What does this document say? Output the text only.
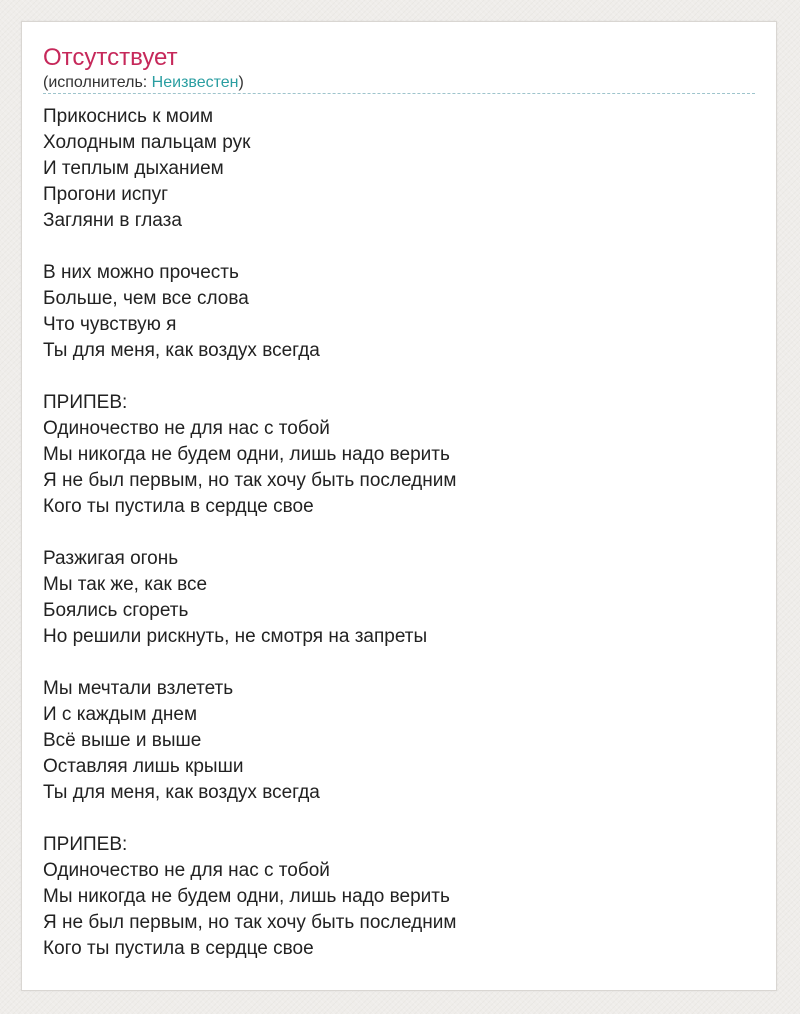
Отсутствует
(исполнитель: Неизвестен)
Прикоснись к моим
Холодным пальцам рук
И теплым дыханием
Прогони испуг
Загляни в глаза
В них можно прочесть
Больше, чем все слова
Что чувствую я
Ты для меня, как воздух всегда
ПРИПЕВ:
Одиночество не для нас с тобой
Мы никогда не будем одни, лишь надо верить
Я не был первым, но так хочу быть последним
Кого ты пустила в сердце свое
Разжигая огонь
Мы так же, как все
Боялись сгореть
Но решили рискнуть, не смотря на запреты
Мы мечтали взлететь
И с каждым днем
Всё выше и выше
Оставляя лишь крыши
Ты для меня, как воздух всегда
ПРИПЕВ:
Одиночество не для нас с тобой
Мы никогда не будем одни, лишь надо верить
Я не был первым, но так хочу быть последним
Кого ты пустила в сердце свое
